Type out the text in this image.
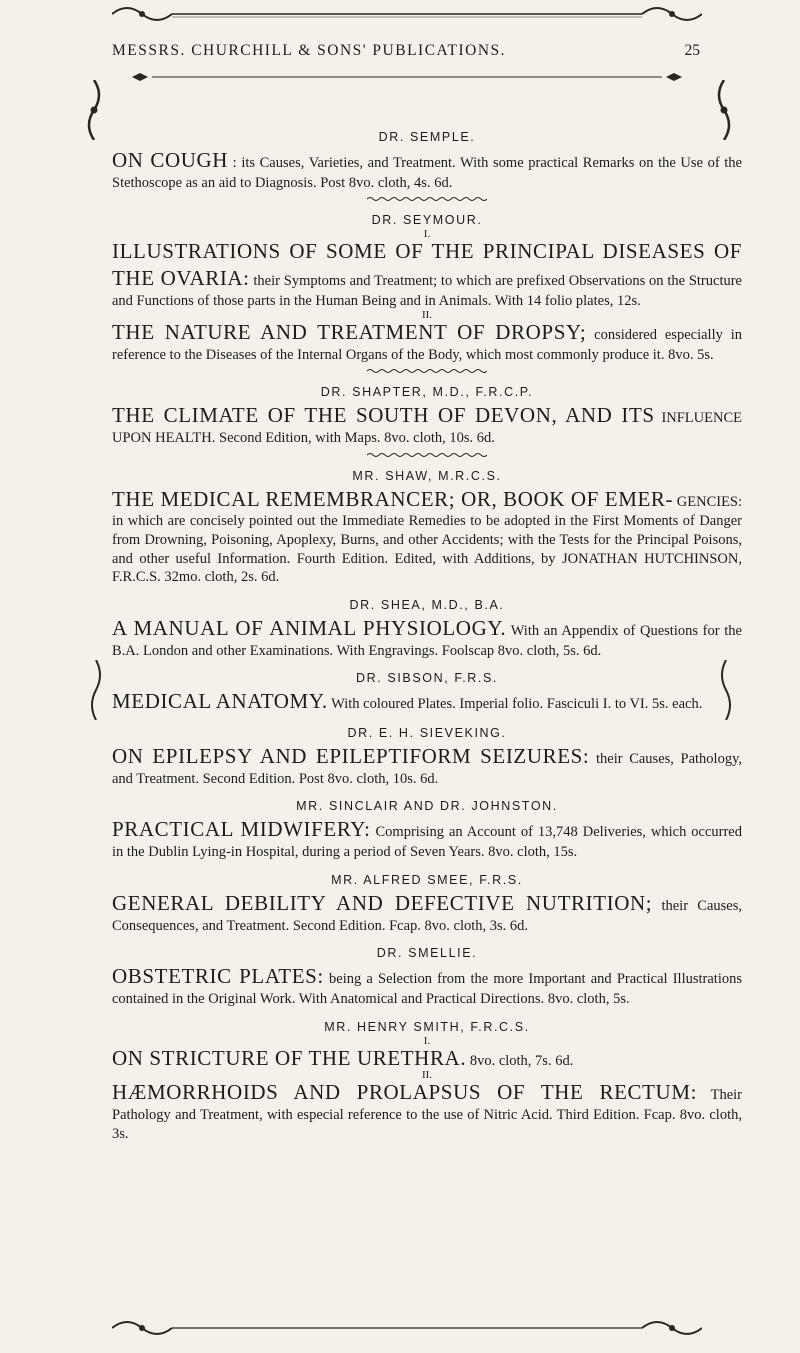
MESSRS. CHURCHILL & SONS' PUBLICATIONS.	25

DR. SEMPLE.

ON COUGH : its Causes, Varieties, and Treatment. With some practical Remarks on the Use of the Stethoscope as an aid to Diagnosis. Post 8vo. cloth, 4s. 6d.

DR. SEYMOUR.

I.

ILLUSTRATIONS OF SOME OF THE PRINCIPAL DISEASES OF THE OVARIA: their Symptoms and Treatment; to which are prefixed Observations on the Structure and Functions of those parts in the Human Being and in Animals. With 14 folio plates, 12s.

II.

THE NATURE AND TREATMENT OF DROPSY; considered especially in reference to the Diseases of the Internal Organs of the Body, which most commonly produce it. 8vo. 5s.

DR. SHAPTER, M.D., F.R.C.P.

THE CLIMATE OF THE SOUTH OF DEVON, AND ITS INFLUENCE UPON HEALTH. Second Edition, with Maps. 8vo. cloth, 10s. 6d.

MR. SHAW, M.R.C.S.

THE MEDICAL REMEMBRANCER; OR, BOOK OF EMER- GENCIES: in which are concisely pointed out the Immediate Remedies to be adopted in the First Moments of Danger from Drowning, Poisoning, Apoplexy, Burns, and other Accidents; with the Tests for the Principal Poisons, and other useful Information. Fourth Edition. Edited, with Additions, by JONATHAN HUTCHINSON, F.R.C.S. 32mo. cloth, 2s. 6d.

DR. SHEA, M.D., B.A.

A MANUAL OF ANIMAL PHYSIOLOGY. With an Appendix of Questions for the B.A. London and other Examinations. With Engravings. Foolscap 8vo. cloth, 5s. 6d.

DR. SIBSON, F.R.S.

MEDICAL ANATOMY. With coloured Plates. Imperial folio. Fasciculi I. to VI. 5s. each.

DR. E. H. SIEVEKING.

ON EPILEPSY AND EPILEPTIFORM SEIZURES: their Causes, Pathology, and Treatment. Second Edition. Post 8vo. cloth, 10s. 6d.

MR. SINCLAIR AND DR. JOHNSTON.

PRACTICAL MIDWIFERY: Comprising an Account of 13,748 Deliveries, which occurred in the Dublin Lying-in Hospital, during a period of Seven Years. 8vo. cloth, 15s.

MR. ALFRED SMEE, F.R.S.

GENERAL DEBILITY AND DEFECTIVE NUTRITION; their Causes, Consequences, and Treatment. Second Edition. Fcap. 8vo. cloth, 3s. 6d.

DR. SMELLIE.

OBSTETRIC PLATES: being a Selection from the more Important and Practical Illustrations contained in the Original Work. With Anatomical and Practical Directions. 8vo. cloth, 5s.

MR. HENRY SMITH, F.R.C.S.

I.

ON STRICTURE OF THE URETHRA. 8vo. cloth, 7s. 6d.

II.

HÆMORRHOIDS AND PROLAPSUS OF THE RECTUM: Their Pathology and Treatment, with especial reference to the use of Nitric Acid. Third Edition. Fcap. 8vo. cloth, 3s.
